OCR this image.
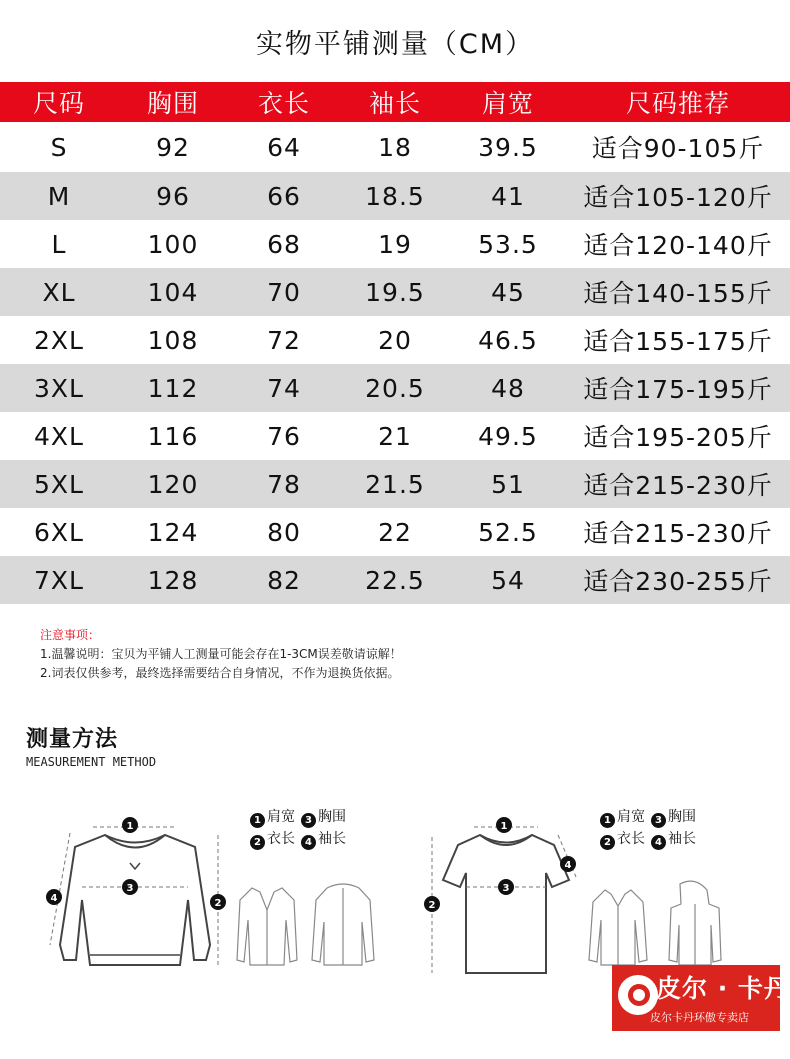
实物平铺测量（CM）
尺码	胸围	衣长	袖长	肩宽	尺码推荐
S	92	64	18	39.5	适合90-105斤
M	96	66	18.5	41	适合105-120斤
L	100	68	19	53.5	适合120-140斤
XL	104	70	19.5	45	适合140-155斤
2XL	108	72	20	46.5	适合155-175斤
3XL	112	74	20.5	48	适合175-195斤
4XL	116	76	21	49.5	适合195-205斤
5XL	120	78	21.5	51	适合215-230斤
6XL	124	80	22	52.5	适合215-230斤
7XL	128	82	22.5	54	适合230-255斤
注意事项：
1.温馨说明：宝贝为平铺人工测量可能会存在1-3CM误差敬请谅解！
2.词表仅供参考，最终选择需要结合自身情况，不作为退换货依据。
测量方法
MEASUREMENT METHOD
1
3
2
4
1 肩宽 3 胸围
2 衣长 4 袖长
1
3
2
4
1 肩宽 3 胸围
2 衣长 4 袖长
皮尔 · 卡丹
皮尔卡丹环傲专卖店
